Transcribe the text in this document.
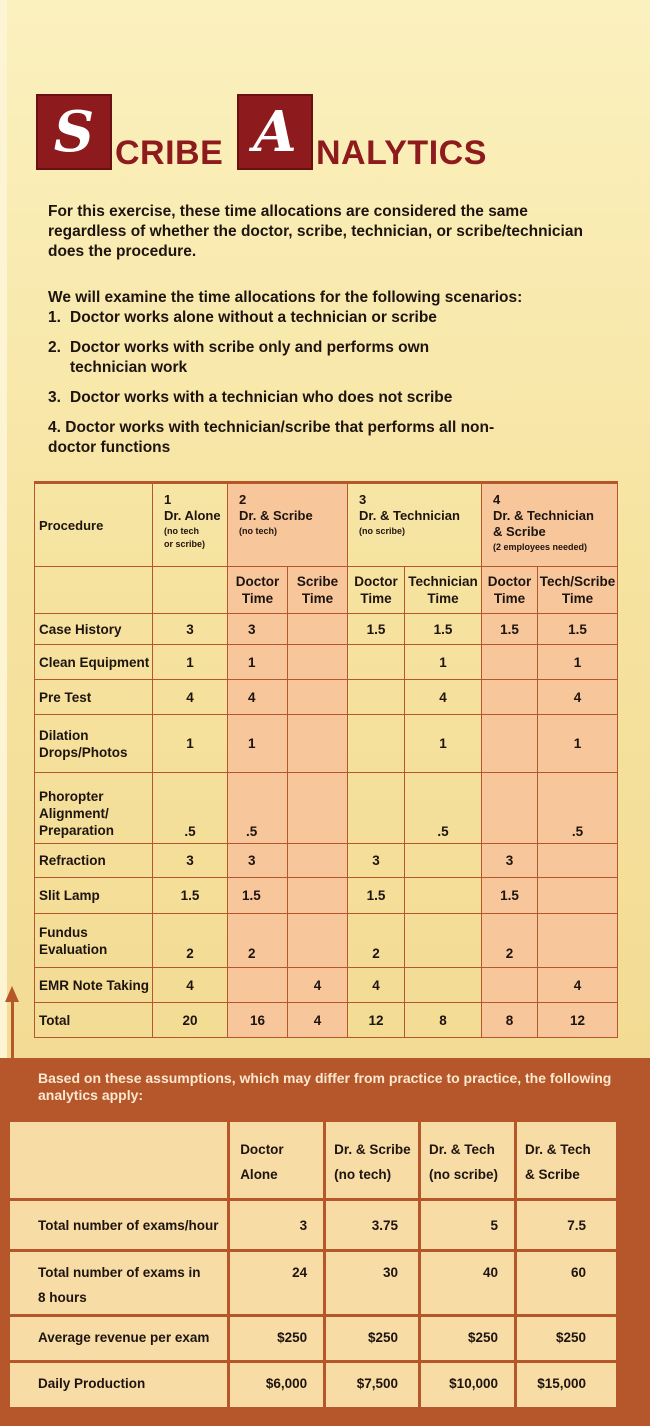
S CRIBE A NALYTICS

For this exercise, these time allocations are considered the same regardless of whether the doctor, scribe, technician, or scribe/technician does the procedure.

We will examine the time allocations for the following scenarios:

1. Doctor works alone without a technician or scribe
2. Doctor works with scribe only and performs own technician work
3. Doctor works with a technician who does not scribe
4. Doctor works with technician/scribe that performs all non-doctor functions
Procedure	1
Dr. Alone
(no tech
or scribe)	2
Dr. & Scribe
(no tech)		3
Dr. & Technician
(no scribe)		4
Dr. & Technician
& Scribe
(2 employees needed)	

		Doctor
Time	Scribe
Time	Doctor
Time	Technician
Time	Doctor
Time	Tech/Scribe
Time
Case History	3	3		1.5	1.5	1.5	1.5
Clean Equipment	1	1			1		1
Pre Test	4	4			4		4
Dilation
Drops/Photos	1	1			1		1
Phoropter
Alignment/
Preparation	.5	.5			.5		.5
Refraction	3	3		3		3	
Slit Lamp	1.5	1.5		1.5		1.5	
Fundus
Evaluation	2	2		2		2	
EMR Note Taking	4		4	4			4
Total	20	16	4	12	8	8	12

Based on these assumptions, which may differ from practice to practice, the following analytics apply:

	Doctor Alone	Dr. & Scribe
(no tech)	Dr. & Tech
(no scribe)	Dr. & Tech
& Scribe
Total number of exams/hour	3	3.75	5	7.5
Total number of exams in
8 hours	24	30	40	60
Average revenue per exam	$250	$250	$250	$250
Daily Production	$6,000	$7,500	$10,000	$15,000
